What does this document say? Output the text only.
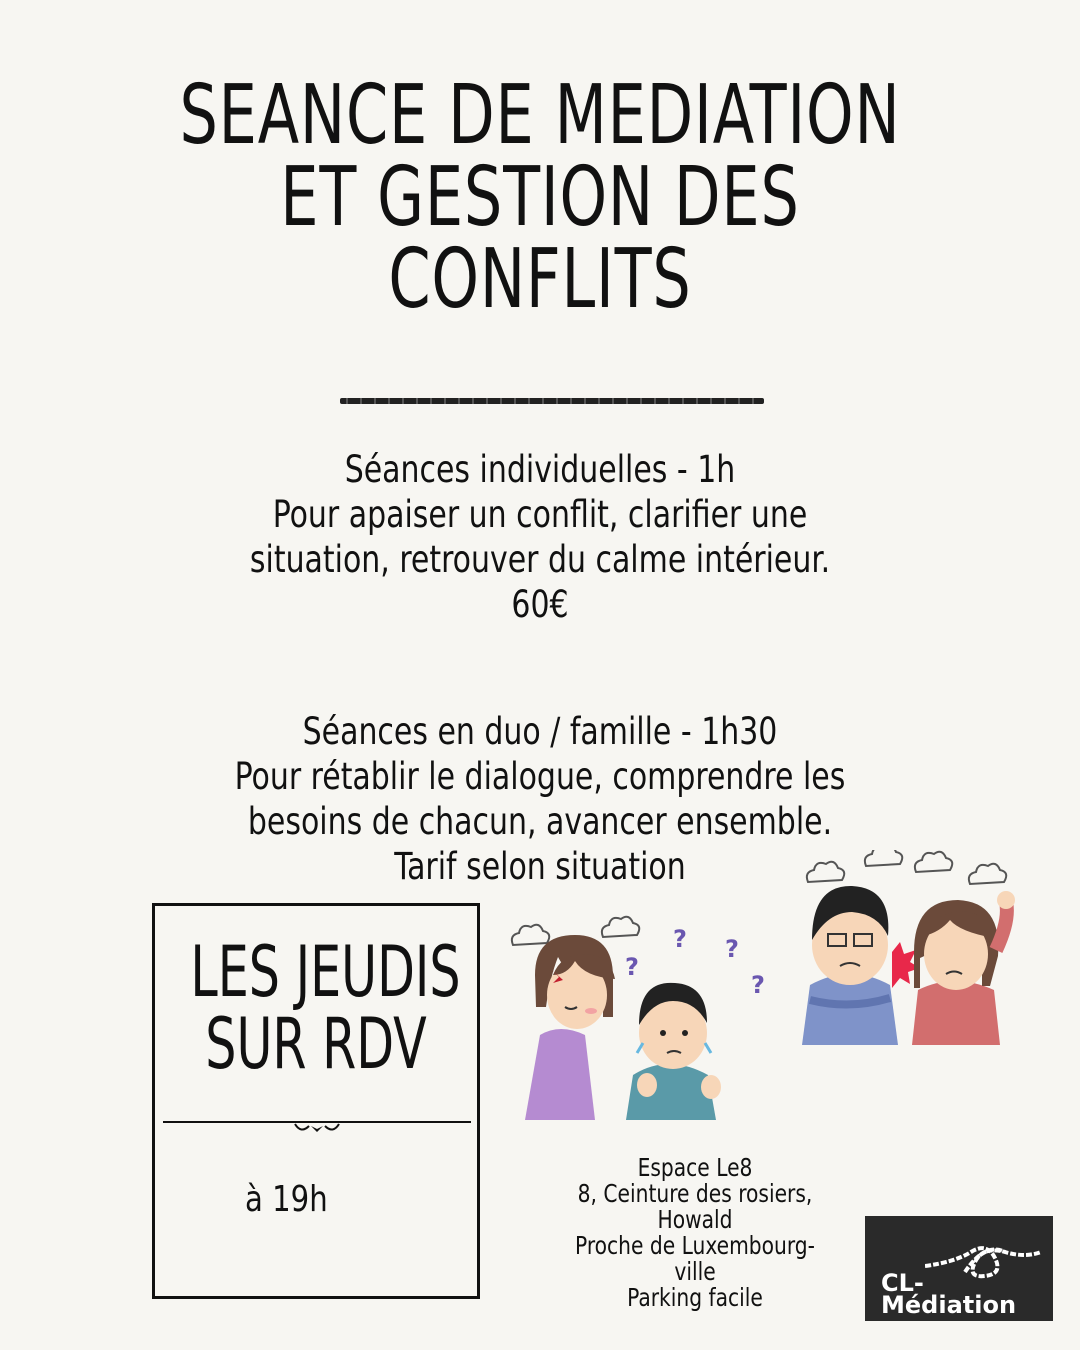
SEANCE DE MEDIATION
ET GESTION DES
CONFLITS
Séances individuelles - 1h
Pour apaiser un conflit, clarifier une
situation, retrouver du calme intérieur.
60€
Séances en duo / famille - 1h30
Pour rétablir le dialogue, comprendre les
besoins de chacun, avancer ensemble.
Tarif selon situation
LES JEUDIS
SUR RDV
à 19h
? ?
?
?
Espace Le8
8, Ceinture des rosiers,
Howald
Proche de Luxembourg-
ville
Parking facile	CL-
Médiation
